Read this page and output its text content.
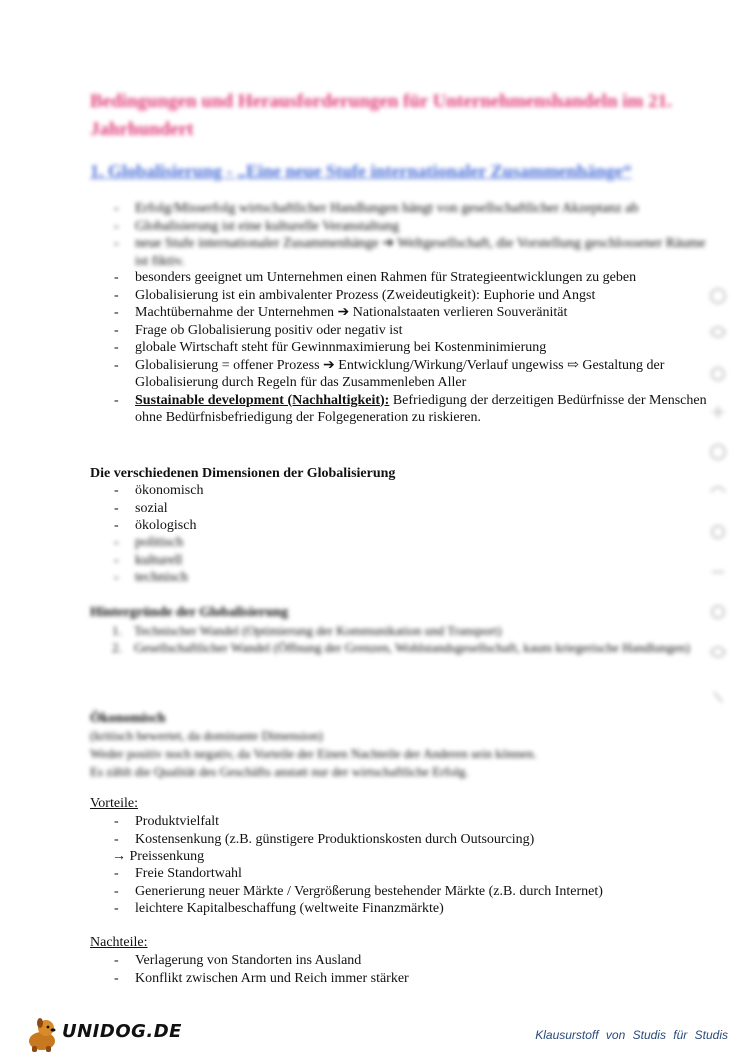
Bedingungen und Herausforderungen für Unternehmenshandeln im 21. Jahrhundert
1. Globalisierung - „Eine neue Stufe internationaler Zusammenhänge“
- Erfolg/Misserfolg wirtschaftlicher Handlungen hängt von gesellschaftlicher Akzeptanz ab
- Globalisierung ist eine kulturelle Veranstaltung
- neue Stufe internationaler Zusammenhänge ➔ Weltgesellschaft, die Vorstellung geschlossener Räume ist fiktiv.
- besonders geeignet um Unternehmen einen Rahmen für Strategieentwicklungen zu geben
- Globalisierung ist ein ambivalenter Prozess (Zweideutigkeit): Euphorie und Angst
- Machtübernahme der Unternehmen ➔ Nationalstaaten verlieren Souveränität
- Frage ob Globalisierung positiv oder negativ ist
- globale Wirtschaft steht für Gewinnmaximierung bei Kostenminimierung
- Globalisierung = offener Prozess ➔ Entwicklung/Wirkung/Verlauf ungewiss ⇨ Gestaltung der Globalisierung durch Regeln für das Zusammenleben Aller
- Sustainable development (Nachhaltigkeit): Befriedigung der derzeitigen Bedürfnisse der Menschen ohne Bedürfnisbefriedigung der Folgegeneration zu riskieren.
Die verschiedenen Dimensionen der Globalisierung
- ökonomisch
- sozial
- ökologisch
- politisch
- kulturell
- technisch
Hintergründe der Globalisierung
1. Technischer Wandel (Optimierung der Kommunikation und Transport)
2. Gesellschaftlicher Wandel (Öffnung der Grenzen, Wohlstandsgesellschaft, kaum kriegerische Handlungen)
Ökonomisch
(kritisch bewertet, da dominante Dimension)
Weder positiv noch negativ, da Vorteile der Einen Nachteile der Anderen sein können.
Es zählt die Qualität des Geschäfts anstatt nur der wirtschaftliche Erfolg.
Vorteile:
- Produktvielfalt
- Kostensenkung (z.B. günstigere Produktionskosten durch Outsourcing)
→ Preissenkung
- Freie Standortwahl
- Generierung neuer Märkte / Vergrößerung bestehender Märkte (z.B. durch Internet)
- leichtere Kapitalbeschaffung (weltweite Finanzmärkte)
Nachteile:
- Verlagerung von Standorten ins Ausland
- Konflikt zwischen Arm und Reich immer stärker
UNIDOG.DE	Klausurstoff von Studis für Studis
